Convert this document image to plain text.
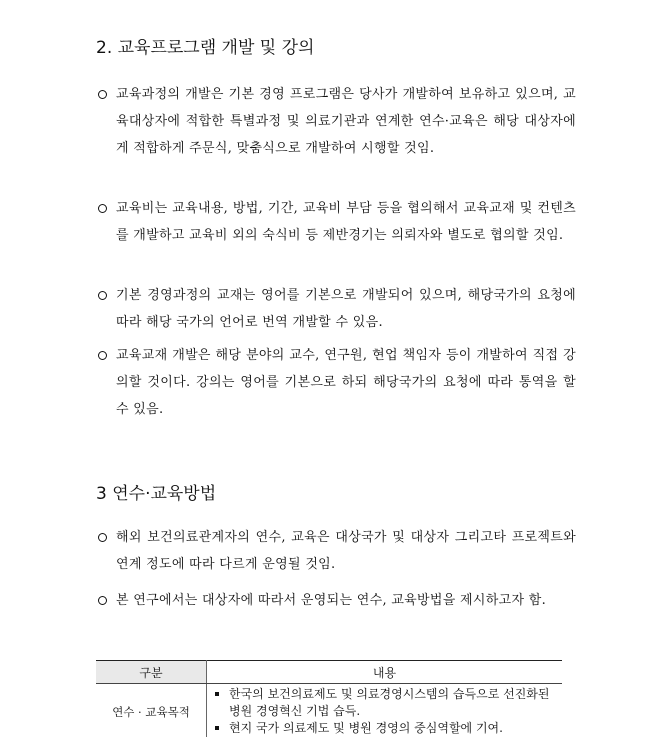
2. 교육프로그램 개발 및 강의
교육과정의 개발은 기본 경영 프로그램은 당사가 개발하여 보유하고 있으며, 교육대상자에 적합한 특별과정 및 의료기관과 연계한 연수·교육은 해당 대상자에게 적합하게 주문식, 맞춤식으로 개발하여 시행할 것임.
교육비는 교육내용, 방법, 기간, 교육비 부담 등을 협의해서 교육교재 및 컨텐츠를 개발하고 교육비 외의 숙식비 등 제반경기는 의뢰자와 별도로 협의할 것임.
기본 경영과정의 교재는 영어를 기본으로 개발되어 있으며, 해당국가의 요청에 따라 해당 국가의 언어로 번역 개발할 수 있음.
교육교재 개발은 해당 분야의 교수, 연구원, 현업 책임자 등이 개발하여 직접 강의할 것이다. 강의는 영어를 기본으로 하되 해당국가의 요청에 따라 통역을 할 수 있음.
3 연수·교육방법
해외 보건의료관계자의 연수, 교육은 대상국가 및 대상자 그리고타 프로젝트와 연계 정도에 따라 다르게 운영될 것임.
본 연구에서는 대상자에 따라서 운영되는 연수, 교육방법을 제시하고자 함.
구분	내용
연수 · 교육목적	한국의 보건의료제도 및 의료경영시스템의 습득으로 선진화된 병원 경영혁신 기법 습득.
현지 국가 의료제도 및 병원 경영의 중심역할에 기여.
